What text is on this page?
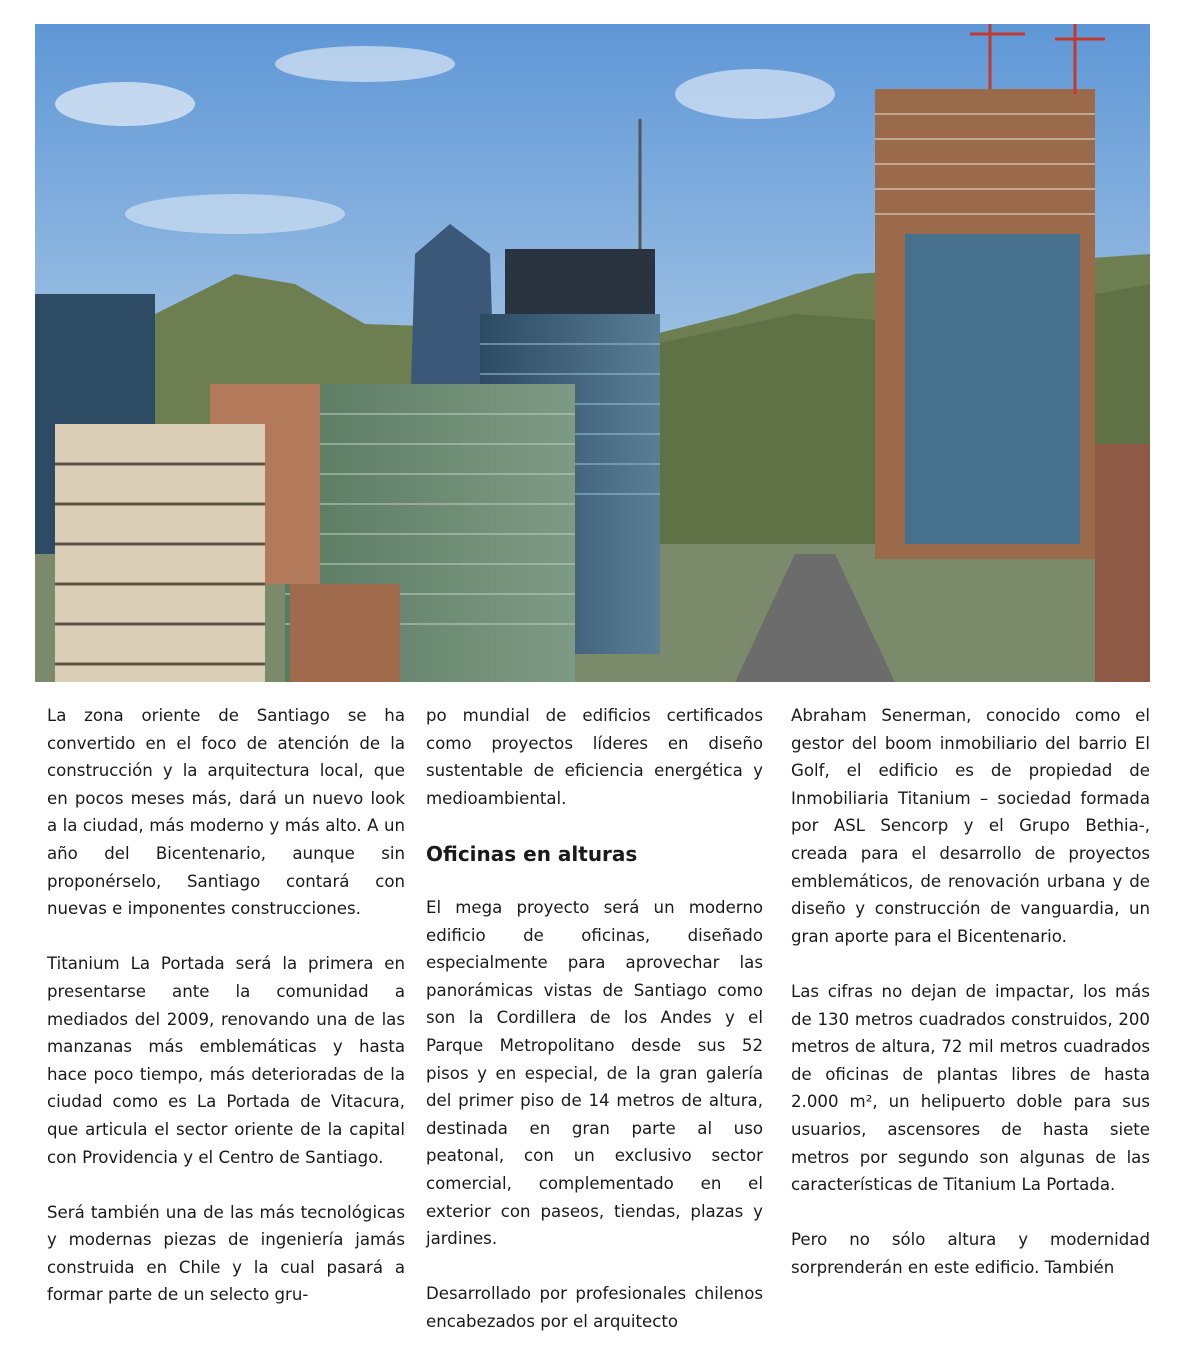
La zona oriente de Santiago se ha convertido en el foco de atención de la construcción y la arquitectura local, que en pocos meses más, dará un nuevo look a la ciudad, más moderno y más alto. A un año del Bicentenario, aunque sin proponérselo, Santiago contará con nuevas e imponentes construcciones.

Titanium La Portada será la primera en presentarse ante la comunidad a mediados del 2009, renovando una de las manzanas más emblemáticas y hasta hace poco tiempo, más deterioradas de la ciudad como es La Portada de Vitacura, que articula el sector oriente de la capital con Providencia y el Centro de Santiago.

Será también una de las más tecnológicas y modernas piezas de ingeniería jamás construida en Chile y la cual pasará a formar parte de un selecto gru-

po mundial de edificios certificados como proyectos líderes en diseño sustentable de eficiencia energética y medioambiental.

Oficinas en alturas

El mega proyecto será un moderno edificio de oficinas, diseñado especialmente para aprovechar las panorámicas vistas de Santiago como son la Cordillera de los Andes y el Parque Metropolitano desde sus 52 pisos y en especial, de la gran galería del primer piso de 14 metros de altura, destinada en gran parte al uso peatonal, con un exclusivo sector comercial, complementado en el exterior con paseos, tiendas, plazas y jardines.

Desarrollado por profesionales chilenos encabezados por el arquitecto

Abraham Senerman, conocido como el gestor del boom inmobiliario del barrio El Golf, el edificio es de propiedad de Inmobiliaria Titanium – sociedad formada por ASL Sencorp y el Grupo Bethia-, creada para el desarrollo de proyectos emblemáticos, de renovación urbana y de diseño y construcción de vanguardia, un gran aporte para el Bicentenario.

Las cifras no dejan de impactar, los más de 130 metros cuadrados construidos, 200 metros de altura, 72 mil metros cuadrados de oficinas de plantas libres de hasta 2.000 m², un helipuerto doble para sus usuarios, ascensores de hasta siete metros por segundo son algunas de las características de Titanium La Portada.

Pero no sólo altura y modernidad sorprenderán en este edificio. También
